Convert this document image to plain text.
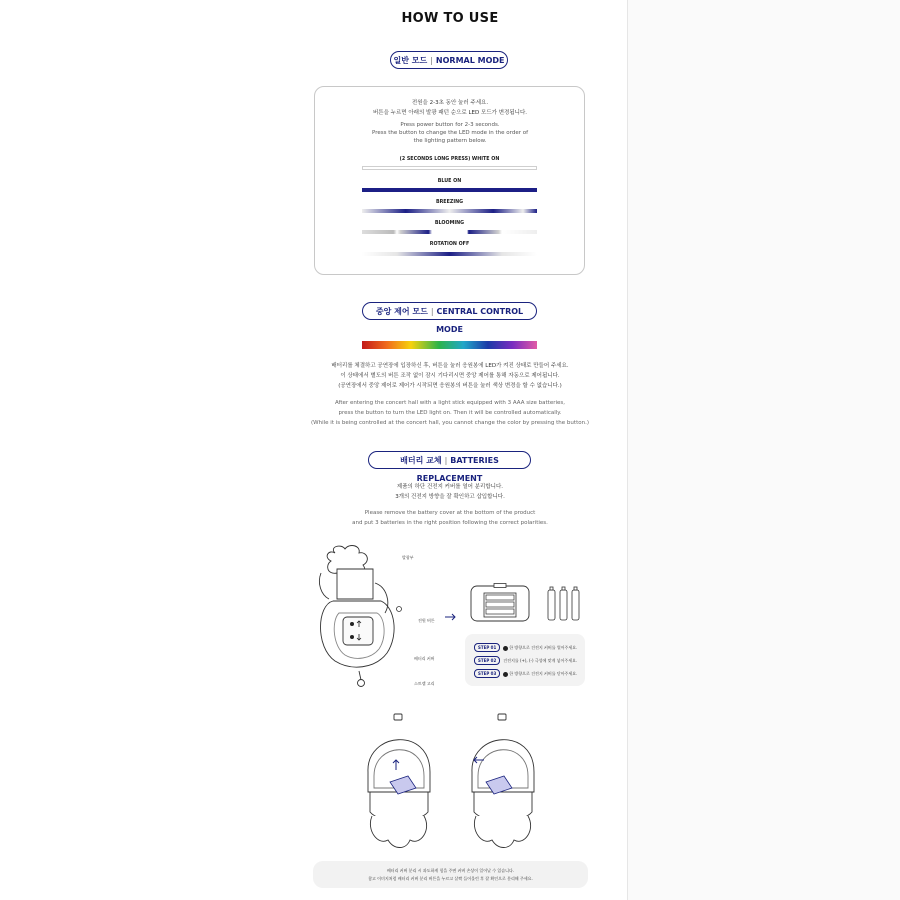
HOW TO USE
일반 모드 | NORMAL MODE
전원을 2-3초 동안 눌러 주세요.
버튼을 누르면 아래의 발광 패턴 순으로 LED 모드가 변경됩니다.
Press power button for 2-3 seconds.
Press the button to change the LED mode in the order of
the lighting pattern below.
(2 SECONDS LONG PRESS) WHITE ON
BLUE ON
BREEZING
BLOOMING
ROTATION OFF
중앙 제어 모드 | CENTRAL CONTROL MODE
배터리를 체결하고 공연장에 입장하신 후, 버튼을 눌러 응원봉에 LED가 켜진 상태로 만들어 주세요.
이 상태에서 별도의 버튼 조작 없이 잠시 기다리시면 중앙 제어를 통해 자동으로 제어됩니다.
(공연장에서 중앙 제어로 제어가 시작되면 응원봉의 버튼을 눌러 색상 변경을 할 수 없습니다.)
After entering the concert hall with a light stick equipped with 3 AAA size batteries,
press the button to turn the LED light on. Then it will be controlled automatically.
(While it is being controlled at the concert hall, you cannot change the color by pressing the button.)
배터리 교체 | BATTERIES REPLACEMENT
제품의 하단 건전지 커버를 열어 분리합니다.
3개의 건전지 방향을 잘 확인하고 삽입합니다.
Please remove the battery cover at the bottom of the product
and put 3 batteries in the right position following the correct polarities.
발광부
전원 버튼
배터리 커버
스트랩 고리
STEP 01	한 방향으로 건전지 커버를 열어주세요.
STEP 02 건전지를 (+), (-) 극성에 맞게 넣어주세요.
STEP 03	한 방향으로 건전지 커버를 닫아주세요.
배터리 커버 분리 시 과도하게 힘을 주면 커버 손상이 일어날 수 있습니다.
참고 이미지처럼 배터리 커버 분리 버튼을 누르고 살짝 들어올린 후 잘 확인으로 분리해 주세요.
